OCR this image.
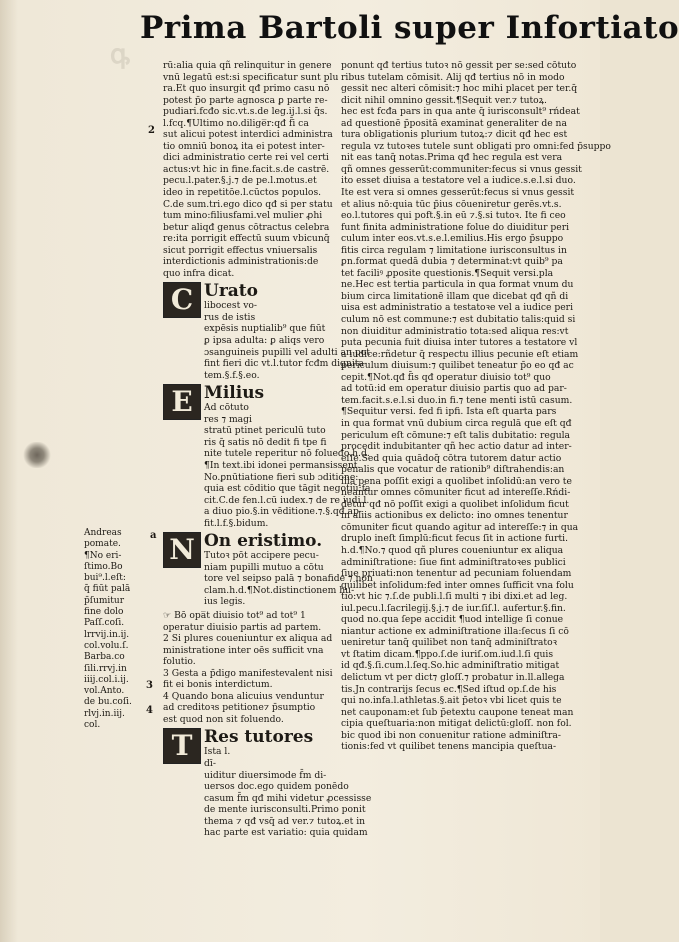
ꝓ
Prima Bartoli super Infortiato
2
a
3
4
rū:alia quia qñ relinquitur in genere
vnū legatū est:si specificatur sunt plu
ra.Et quo insurgit qđ primo casu nō
potest p̄o parte agnosca ꝑ parte re-
pudiari.fcđo sic.vt.s.de leg.ij.l.si q̄s.
l.fcq.¶Ultimo no.dilige̅r:qđ f̄i ca
sut alicui potest interdici administra
tio omniū bonoꝝ ita ei potest inter-
dici administratio certe rei vel certi
actus:vt hic in fine.facit.s.de castrē.
pecu.l.pater.§.j.⁊ de pe.l.motus.et
ideo in repetitōe.l.cūctos populos.
C.de sum.tri.ego dico qđ si per statu
tum mino:filiusfami.vel mulier ꝓhi
betur aliqđ genus cōtractus celebra
re:ita porrigit effectū suum vbicunq̄
sicut porrigit effectus vniuersalis
interdictionis administrationis:de
quo infra dicat.
C Urato
libocest vo-
rus de istis
expēsis nuptialib⁹ que fiūt
ꝑ ipsa adulta: ꝑ aliqs vero
ɔsanguineis pupilli vel adulti an pot
fint fieri dic vt.l.tutor fcđm dignita-
tem.§.f.§.eo.
E Milius
Ad cōtuto
res ⁊ magi
stratū ptinet periculū tuto
ris q̄ satis nō dedit fi tpe fi
nite tutele reperitur nō folueđo.h.d.
¶In text.ibi idonei permansissent.
No.ꝑnūtiatione fieri sub ɔditione:
quia est cōditio que tāgit negotiū:fa
cit.C.de fen.l.cū iudex.⁊ de re iudi.l.
a diuo pio.§.in vēditione.⁊.§.qđ ap-
fit.l.f.§.bidum.
N On eristimo.
Tutoꝛ pōt accipere pecu-
niam pupilli mutuo a cōtu
tore vel seipso palā ⁊ bonafide ⁊ non
clam.h.d.¶Not.distinctionem hu-
ius legis.
☞ Bō opa̅t diuisio tot⁹ ad tot⁹ 1
operatur diuisio partis ad partem.
2 Si plures coueniuntur ex aliqua ad
ministratione inter oēs sufficit vna
folutio.
3 Gesta a p̄digo manifestevalent nisi
fit ei bonis interdictum.
4 Quando bona alicuius venduntur
ad creditoꝛs petitione⁊ p̄sumptio
est quod non sit foluendo.
T Res tutores
Ista l.
dī-
uiditur diuersimode f̄m di-
uersos doc.ego quidem ponēdo
casum f̄m qđ mihi videtur ꝓcessisse
de mente iurisconsulti.Primo ponit
thema ⁊ qđ vsq̄ ad ver.⁊ tutoꝝ.et in
hac parte est variatio: quia quidam
ponunt qđ tertius tutoꝛ nō gessit per se:sed cōtuto
ribus tutelam cōmisit. Alij qđ tertius nō in modo
gessit nec alteri cōmisit:⁊ hoc mihi placet per ter.q̄
dicit nihil omnino gessit.¶Sequit ver.⁊ tutoꝝ.
hec est fcđa pars in qua ante q̄ iurisconsult⁹ rńdeat
ad questionē p̄positā examinat generaliter de na
tura obligationis plurium tutoꝝ:⁊ dicit qđ hec est
regula vz tutoꝛes tutele sunt obligati pro omni:fed p̄suppo
nit eas tanq̄ notas.Prima qđ hec regula est vera
qñ omnes gesserūt:communiter:fecus si vnus gessit
ito esset diuisa a testatore vel a iudice.s.e.l.si duo.
Ite est vera si omnes gesserūt:fecus si vnus gessit
et alius nō:quia tūc p̄ius cōueniretur gerēs.vt.s.
eo.l.tutores qui poft.§.in eū ⁊.§.si tutoꝛ. Ite fi ceo
funt finita administratione folue do diuiditur peri
culum inter eos.vt.s.e.l.emilius.His ergo p̄suppo
fitis circa regulam ⁊ limitatione iurisconsultus in
ꝑn.format quedā dubia ⁊ determinat:vt quib⁹ pa
tet faciliꝰ ꝓposite questionis.¶Sequit versi.pla
ne.Hec est tertia particula in qua format vnum du
bium circa limitationē illam que dicebat qđ qñ di
uisa est administratio a testatoꝛe vel a iudice peri
culum nō est commune:⁊ est dubitatio talis:quid si
non diuiditur administratio tota:sed aliqua res:vt
puta pecunia fuit diuisa inter tutores a testatore vl
a iudice:rñdetur q̄ respectu illius pecunie eſt etiam
periculum diuisum:⁊ quilibet teneatur p̄o eo qđ ac
cepit.¶Not.qđ f̄is qđ operatur diuisio tot⁹ quo
ad totū:id em operatur diuisio partis quo ad par-
tem.facit.s.e.l.si duo.in fi.⁊ tene menti istū casum.
¶Sequitur versi. fed fi ipfi. Ista eſt quarta pars
in qua format vnū dubium circa regulā que eſt qđ
periculum eſt cōmune:⁊ eſt talis dubitatio: regula
procedit indubitanter qñ hec actio datur ad inter-
eſſe.Sed quia quādoq̄ cōtra tutorem datur actio
penalis que vocatur de rationib⁹ diſtrahendis:an
illa pena poſſit exigi a quolibet inſolidū:an vero te
neantur omnes cōmuniter ficut ad intereſſe.Rńdi-
detur qđ nō poſſit exigi a quolibet inſolidum ficut
in aliis actionibus ex delicto: ino omnes tenentur
cōmuniter ficut quando agitur ad intereſſe:⁊ in qua
druplo ineſt ſimplū:ficut fecus ſit in actione furti.
h.d.¶No.⁊ quod qñ plures coueniuntur ex aliqua
adminiſtratione: ſiue fint adminiſtratoꝛes publici
ſiue priuati:non tenentur ad pecuniam foluendam
quilibet inſolidum:fed inter omnes ſufficit vna folu
tio:vt hic ⁊.ſ.de publi.l.ſi multi ⁊ ibi dixi.et ad leg.
iul.pecu.l.ſacrilegij.§.j.⁊ de iur.ſiſ.l. aufertur.§.fin.
quod no.qua ſepe accidit ¶uod intellige ſi conue
niantur actione ex adminiſtratione illa:ſecus ſi cō
ueniretur tanq̄ quilibet non tanq̄ adminiſtratoꝛ
vt ſtatim dicam.¶ppo.ſ.de iuriſ.om.iud.l.ſi quis
id qđ.§.ſi.cum.l.ſeq.So.hic adminiſtratio mitigat
delictum vt per dict⁊ gloſſ.⁊ probatur in.ll.allega
tis.Jn contrarijs ſecus ec.¶Sed iſtud op.ſ.de his
qui no.infa.l.athletas.§.ait p̄etoꝛ vbi licet quis te
net cauponam:et ſub p̄etextu caupone teneat man
cipia queſtuaria:non mitigat delictū:gloſſ. non fol.
bic quod ibi non conuenitur ratione adminiſtra-
tionis:fed vt quilibet tenens mancipia queſtua-
Andreas
pomate.
¶No eri-
ſtimo.Bo
bui⁹.l.eſt:
q̄ fiūt palā
p̄ſumitur
fine dolo
Paſſ.coſi.
lrrvij.in.ij.
col.volu.ſ.
Barba.co
ſili.rrvj.in
iiij.col.i.ij.
vol.Anto.
de bu.coſi.
rlvj.in.iij.
col.
